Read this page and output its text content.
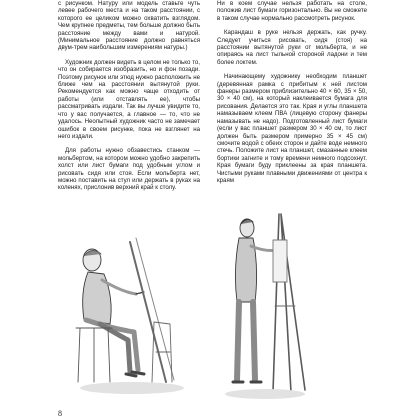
с рисунком. Натуру или модель ставьте чуть левее рабочего места и на таком расстоянии, с которого ее целиком можно охватить взглядом. Чем крупнее предметы, тем больше должно быть расстояние между вами и натурой. (Минимальное расстояние должно равняться двум-трем наибольшим измерениям натуры.)

Художник должен видеть в целом не только то, что он собирается изобразить, но и фон позади. Поэтому рисунок или этюд нужно расположить не ближе чем на расстоянии вытянутой руки. Рекомендуется как можно чаще отходить от работы (или отставлять ее), чтобы рассматривать издали. Так вы лучше увидите то, что у вас получается, а главное — то, что не удалось. Неопытный художник часто не замечает ошибок в своем рисунке, пока не взглянет на него издали.

Для работы нужно обзавестись станком — мольбертом, на котором можно удобно закрепить холст или лист бумаги под удобным углом и рисовать сидя или стоя. Если мольберта нет, можно поставить на стул или держать в руках на коленях, прислонив верхний край к столу.

Ни в коем случае нельзя работать на столе, положив лист бумаги горизонтально. Вы не сможете в таком случае нормально рассмотреть рисунок.

Карандаш в руке нельзя держать, как ручку. Следует учиться рисовать, сидя (стоя) на расстоянии вытянутой руки от мольберта, и не опираясь на лист тыльной стороной ладони и тем более локтем.

Начинающему художнику необходим планшет (деревянная рамка с прибитым к ней листом фанеры размером приблизительно 40 × 60, 35 × 50, 30 × 40 см), на который наклеивается бумага для рисования. Делается это так. Края и углы планшета намазываем клеем ПВА (лицевую сторону фанеры намазывать не надо). Подготовленный лист бумаги (если у вас планшет размером 30 × 40 см, то лист должен быть размером примерно 35 × 45 см) смочите водой с обеих сторон и дайте воде немного стечь. Положите лист на планшет, смазанные клеем бортики загните и тому времени немного подсохнут. Края бумаги буду приклеены за края планшета. Чистыми руками плавными движениями от центра к краям

8
